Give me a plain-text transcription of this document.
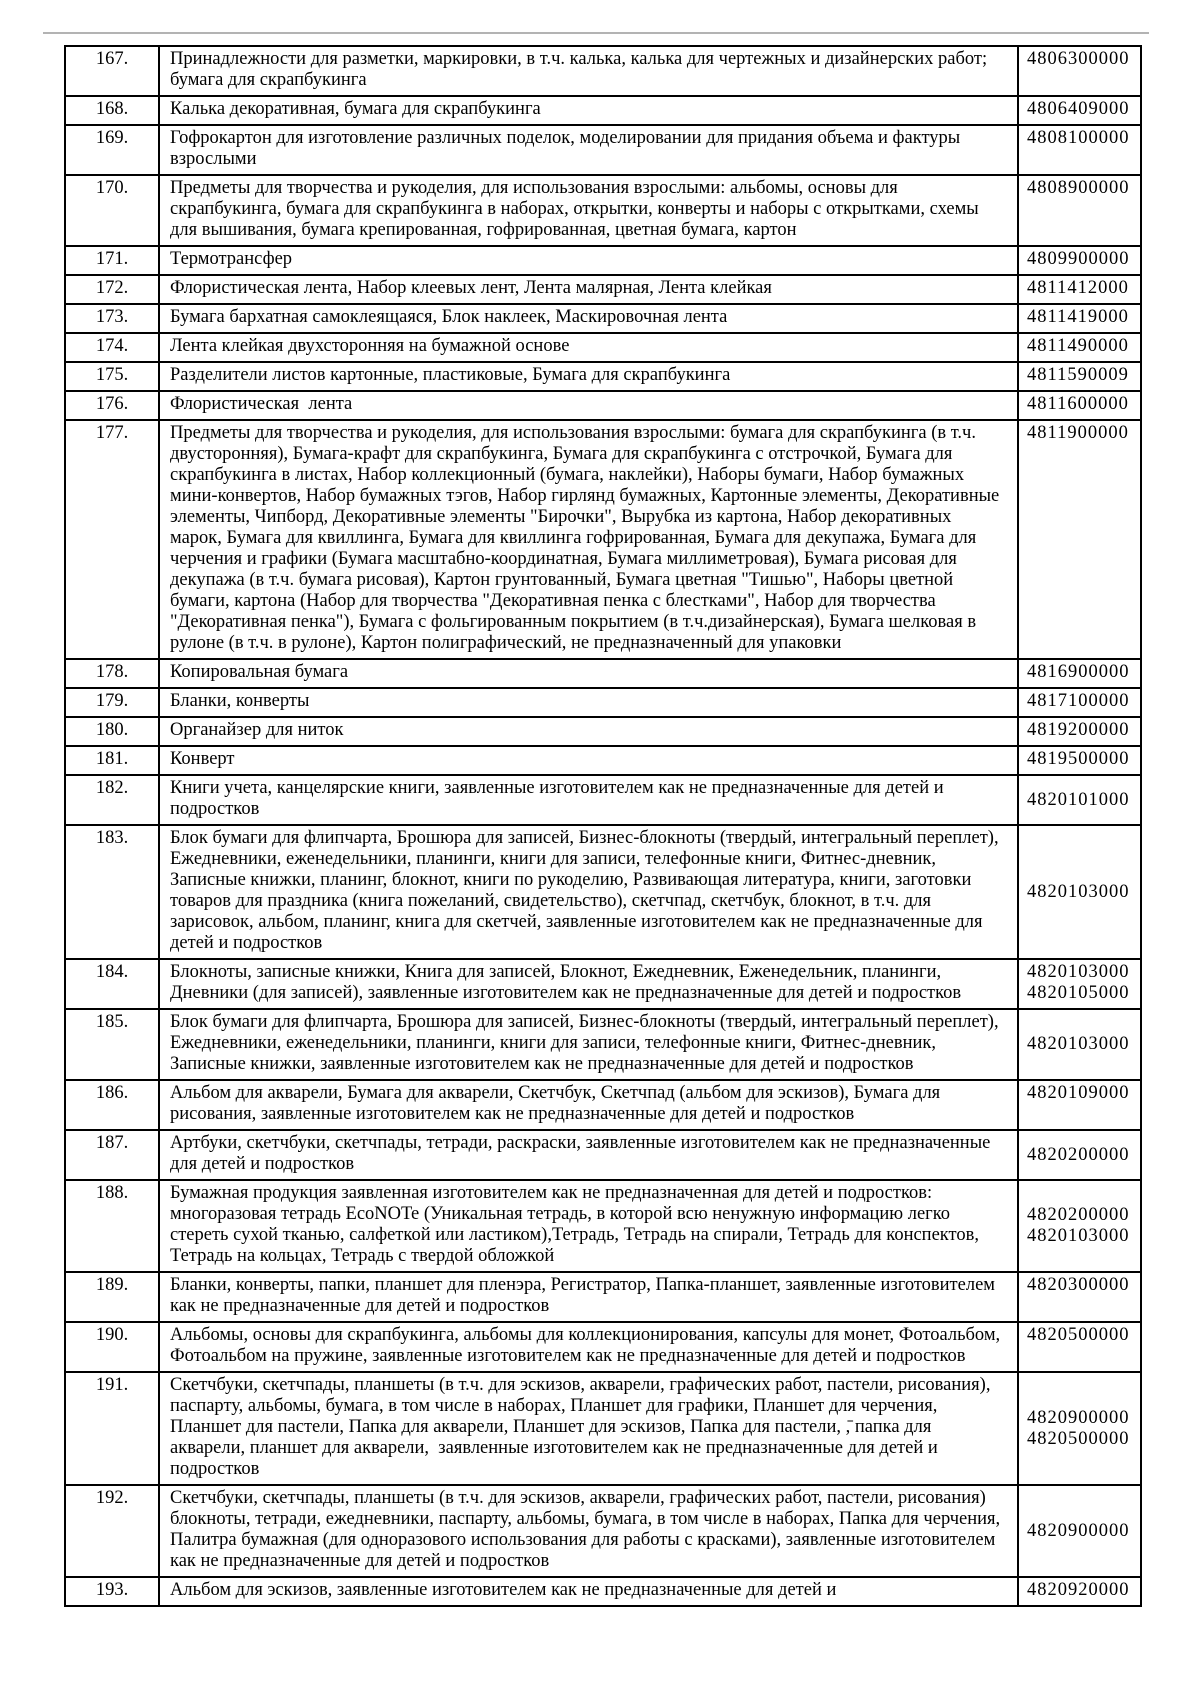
167.	Принадлежности для разметки, маркировки, в т.ч. калька, калька для чертежных и дизайнерских работ; бумага для скрапбукинга	4806300000

168.	Калька декоративная, бумага для скрапбукинга	4806409000

169.	Гофрокартон для изготовление различных поделок, моделировании для придания объема и фактуры взрослыми	4808100000

170.	Предметы для творчества и рукоделия, для использования взрослыми: альбомы, основы для скрапбукинга, бумага для скрапбукинга в наборах, открытки, конверты и наборы с открытками, схемы для вышивания, бумага крепированная, гофрированная, цветная бумага, картон	4808900000

171.	Термотрансфер	4809900000

172.	Флористическая лента, Набор клеевых лент, Лента малярная, Лента клейкая	4811412000

173.	Бумага бархатная самоклеящаяся, Блок наклеек, Маскировочная лента	4811419000

174.	Лента клейкая двухсторонняя на бумажной основе	4811490000

175.	Разделители листов картонные, пластиковые, Бумага для скрапбукинга	4811590009

176.	Флористическая  лента	4811600000

177.	Предметы для творчества и рукоделия, для использования взрослыми: бумага для скрапбукинга (в т.ч. двусторонняя), Бумага-крафт для скрапбукинга, Бумага для скрапбукинга с отстрочкой, Бумага для скрапбукинга в листах, Набор коллекционный (бумага, наклейки), Наборы бумаги, Набор бумажных мини-конвертов, Набор бумажных тэгов, Набор гирлянд бумажных, Картонные элементы, Декоративные элементы, Чипборд, Декоративные элементы "Бирочки", Вырубка из картона, Набор декоративных марок, Бумага для квиллинга, Бумага для квиллинга гофрированная, Бумага для декупажа, Бумага для черчения и графики (Бумага масштабно-координатная, Бумага миллиметровая), Бумага рисовая для декупажа (в т.ч. бумага рисовая), Картон грунтованный, Бумага цветная "Тишью", Наборы цветной бумаги, картона (Набор для творчества "Декоративная пенка с блестками", Набор для творчества "Декоративная пенка"), Бумага с фольгированным покрытием (в т.ч.дизайнерская), Бумага шелковая в рулоне (в т.ч. в рулоне), Картон полиграфический, не предназначенный для упаковки	4811900000

178.	Копировальная бумага	4816900000

179.	Бланки, конверты	4817100000

180.	Органайзер для ниток	4819200000

181.	Конверт	4819500000

182.	Книги учета, канцелярские книги, заявленные изготовителем как не предназначенные для детей и подростков	4820101000

183.	Блок бумаги для флипчарта, Брошюра для записей, Бизнес-блокноты (твердый, интегральный переплет), Ежедневники, еженедельники, планинги, книги для записи, телефонные книги, Фитнес-дневник, Записные книжки, планинг, блокнот, книги по рукоделию, Развивающая литература, книги, заготовки товаров для праздника (книга пожеланий, свидетельство), скетчпад, скетчбук, блокнот, в т.ч. для зарисовок, альбом, планинг, книга для скетчей, заявленные изготовителем как не предназначенные для детей и подростков	4820103000

184.	Блокноты, записные книжки, Книга для записей, Блокнот, Ежедневник, Еженедельник, планинги, Дневники (для записей), заявленные изготовителем как не предназначенные для детей и подростков	4820103000
4820105000

185.	Блок бумаги для флипчарта, Брошюра для записей, Бизнес-блокноты (твердый, интегральный переплет), Ежедневники, еженедельники, планинги, книги для записи, телефонные книги, Фитнес-дневник, Записные книжки, заявленные изготовителем как не предназначенные для детей и подростков	4820103000

186.	Альбом для акварели, Бумага для акварели, Скетчбук, Скетчпад (альбом для эскизов), Бумага для рисования, заявленные изготовителем как не предназначенные для детей и подростков	4820109000

187.	Артбуки, скетчбуки, скетчпады, тетради, раскраски, заявленные изготовителем как не предназначенные для детей и подростков	4820200000

188.	Бумажная продукция заявленная изготовителем как не предназначенная для детей и подростков: многоразовая тетрадь EcoNOTe (Уникальная тетрадь, в которой всю ненужную информацию легко стереть сухой тканью, салфеткой или ластиком),Тетрадь, Тетрадь на спирали, Тетрадь для конспектов, Тетрадь на кольцах, Тетрадь с твердой обложкой	4820200000
4820103000

189.	Бланки, конверты, папки, планшет для пленэра, Регистратор, Папка-планшет, заявленные изготовителем как не предназначенные для детей и подростков	4820300000

190.	Альбомы, основы для скрапбукинга, альбомы для коллекционирования, капсулы для монет, Фотоальбом, Фотоальбом на пружине, заявленные изготовителем как не предназначенные для детей и подростков	4820500000

191.	Скетчбуки, скетчпады, планшеты (в т.ч. для эскизов, акварели, графических работ, пастели, рисования), паспарту, альбомы, бумага, в том числе в наборах, Планшет для графики, Планшет для черчения,  Планшет для пастели, Папка для акварели, Планшет для эскизов, Папка для пастели, ,̄ папка для акварели, планшет для акварели,  заявленные изготовителем как не предназначенные для детей и подростков	4820900000
4820500000

192.	Скетчбуки, скетчпады, планшеты (в т.ч. для эскизов, акварели, графических работ, пастели, рисования) блокноты, тетради, ежедневники, паспарту, альбомы, бумага, в том числе в наборах, Папка для черчения, Палитра бумажная (для одноразового использования для работы с красками), заявленные изготовителем как не предназначенные для детей и подростков	4820900000

193.	Альбом для эскизов, заявленные изготовителем как не предназначенные для детей и	4820920000
